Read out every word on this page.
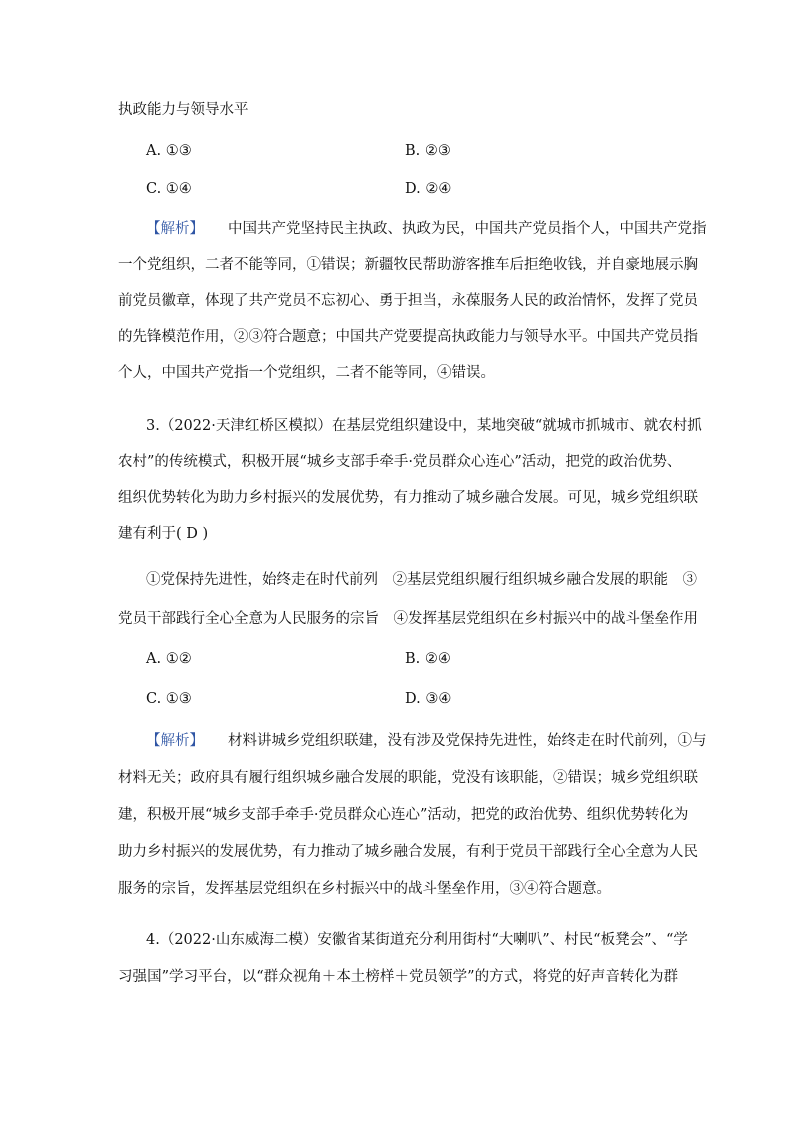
执政能力与领导水平
A. ①③	B. ②③
C. ①④	D. ②④
【解析】 中国共产党坚持民主执政、执政为民，中国共产党员指个人，中国共产党指
一个党组织，二者不能等同，①错误；新疆牧民帮助游客推车后拒绝收钱，并自豪地展示胸
前党员徽章，体现了共产党员不忘初心、勇于担当，永葆服务人民的政治情怀，发挥了党员
的先锋模范作用，②③符合题意；中国共产党要提高执政能力与领导水平。中国共产党员指
个人，中国共产党指一个党组织，二者不能等同，④错误。
3.（2022·天津红桥区模拟）在基层党组织建设中，某地突破“就城市抓城市、就农村抓
农村”的传统模式，积极开展“城乡支部手牵手·党员群众心连心”活动，把党的政治优势、
组织优势转化为助力乡村振兴的发展优势，有力推动了城乡融合发展。可见，城乡党组织联
建有利于( D )
①党保持先进性，始终走在时代前列　②基层党组织履行组织城乡融合发展的职能　③
党员干部践行全心全意为人民服务的宗旨　④发挥基层党组织在乡村振兴中的战斗堡垒作用
A. ①②	B. ②④
C. ①③	D. ③④
【解析】 材料讲城乡党组织联建，没有涉及党保持先进性，始终走在时代前列，①与
材料无关；政府具有履行组织城乡融合发展的职能，党没有该职能，②错误；城乡党组织联
建，积极开展“城乡支部手牵手·党员群众心连心”活动，把党的政治优势、组织优势转化为
助力乡村振兴的发展优势，有力推动了城乡融合发展，有利于党员干部践行全心全意为人民
服务的宗旨，发挥基层党组织在乡村振兴中的战斗堡垒作用，③④符合题意。
4.（2022·山东威海二模）安徽省某街道充分利用街村“大喇叭”、村民“板凳会”、“学
习强国”学习平台，以“群众视角＋本土榜样＋党员领学”的方式，将党的好声音转化为群
